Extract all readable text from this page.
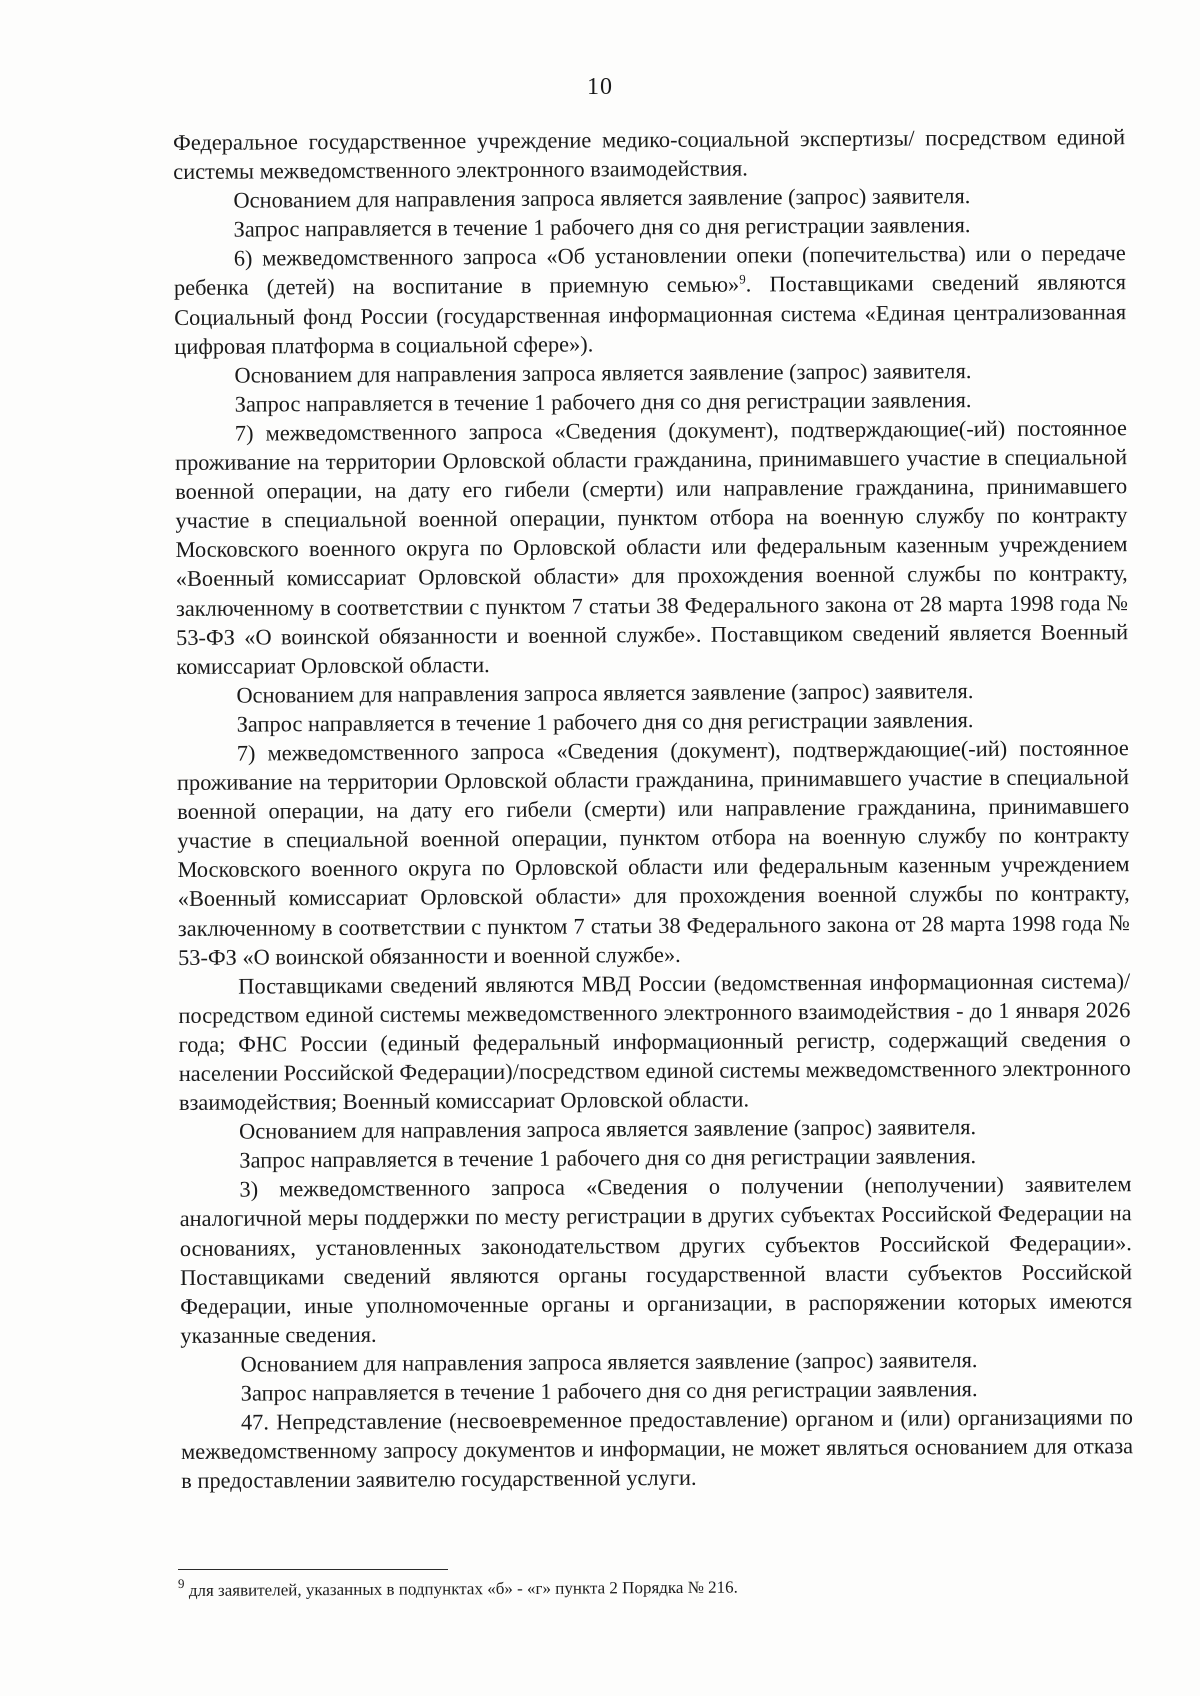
10

Федеральное государственное учреждение медико-социальной экспертизы/ посредством единой системы межведомственного электронного взаимодействия.

Основанием для направления запроса является заявление (запрос) заявителя.

Запрос направляется в течение 1 рабочего дня со дня регистрации заявления.

6) межведомственного запроса «Об установлении опеки (попечительства) или о передаче ребенка (детей) на воспитание в приемную семью»$^9$. Поставщиками сведений являются Социальный фонд России (государственная информационная система «Единая централизованная цифровая платформа в социальной сфере»).

Основанием для направления запроса является заявление (запрос) заявителя.

Запрос направляется в течение 1 рабочего дня со дня регистрации заявления.

7) межведомственного запроса «Сведения (документ), подтверждающие(-ий) постоянное проживание на территории Орловской области гражданина, принимавшего участие в специальной военной операции, на дату его гибели (смерти) или направление гражданина, принимавшего участие в специальной военной операции, пунктом отбора на военную службу по контракту Московского военного округа по Орловской области или федеральным казенным учреждением «Военный комиссариат Орловской области» для прохождения военной службы по контракту, заключенному в соответствии с пунктом 7 статьи 38 Федерального закона от 28 марта 1998 года № 53-ФЗ «О воинской обязанности и военной службе». Поставщиком сведений является Военный комиссариат Орловской области.

Основанием для направления запроса является заявление (запрос) заявителя.

Запрос направляется в течение 1 рабочего дня со дня регистрации заявления.

7) межведомственного запроса «Сведения (документ), подтверждающие(-ий) постоянное проживание на территории Орловской области гражданина, принимавшего участие в специальной военной операции, на дату его гибели (смерти) или направление гражданина, принимавшего участие в специальной военной операции, пунктом отбора на военную службу по контракту Московского военного округа по Орловской области или федеральным казенным учреждением «Военный комиссариат Орловской области» для прохождения военной службы по контракту, заключенному в соответствии с пунктом 7 статьи 38 Федерального закона от 28 марта 1998 года № 53-ФЗ «О воинской обязанности и военной службе».

Поставщиками сведений являются МВД России (ведомственная информационная система)/посредством единой системы межведомственного электронного взаимодействия - до 1 января 2026 года; ФНС России (единый федеральный информационный регистр, содержащий сведения о населении Российской Федерации)/посредством единой системы межведомственного электронного взаимодействия; Военный комиссариат Орловской области.

Основанием для направления запроса является заявление (запрос) заявителя.

Запрос направляется в течение 1 рабочего дня со дня регистрации заявления.

3) межведомственного запроса «Сведения о получении (неполучении) заявителем аналогичной меры поддержки по месту регистрации в других субъектах Российской Федерации на основаниях, установленных законодательством других субъектов Российской Федерации». Поставщиками сведений являются органы государственной власти субъектов Российской Федерации, иные уполномоченные органы и организации, в распоряжении которых имеются указанные сведения.

Основанием для направления запроса является заявление (запрос) заявителя.

Запрос направляется в течение 1 рабочего дня со дня регистрации заявления.

47. Непредставление (несвоевременное предоставление) органом и (или) организациями по межведомственному запросу документов и информации, не может являться основанием для отказа в предоставлении заявителю государственной услуги.

$^9$ для заявителей, указанных в подпунктах «б» - «г» пункта 2 Порядка № 216.
